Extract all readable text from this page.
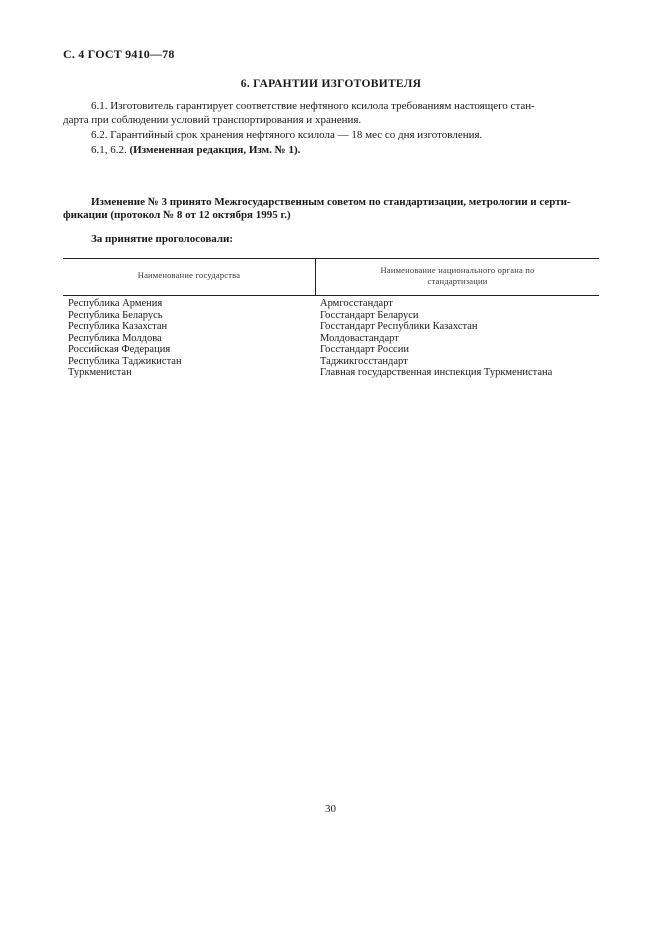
С. 4 ГОСТ 9410—78
6. ГАРАНТИИ ИЗГОТОВИТЕЛЯ
6.1. Изготовитель гарантирует соответствие нефтяного ксилола требованиям настоящего стан-
дарта при соблюдении условий транспортирования и хранения.
6.2. Гарантийный срок хранения нефтяного ксилола — 18 мес со дня изготовления.
6.1, 6.2. (Измененная редакция, Изм. № 1).
Изменение № 3 принято Межгосударственным советом по стандартизации, метрологии и серти-
фикации (протокол № 8 от 12 октября 1995 г.)
За принятие проголосовали:
Наименование государства	Наименование национального органа по
стандартизации
Республика Армения
Республика Беларусь
Республика Казахстан
Республика Молдова
Российская Федерация
Республика Таджикистан
Туркменистан
Армгосстандарт
Госстандарт Беларуси
Госстандарт Республики Казахстан
Молдовастандарт
Госстандарт России
Таджикгосстандарт
Главная государственная инспекция Туркменистана
30
